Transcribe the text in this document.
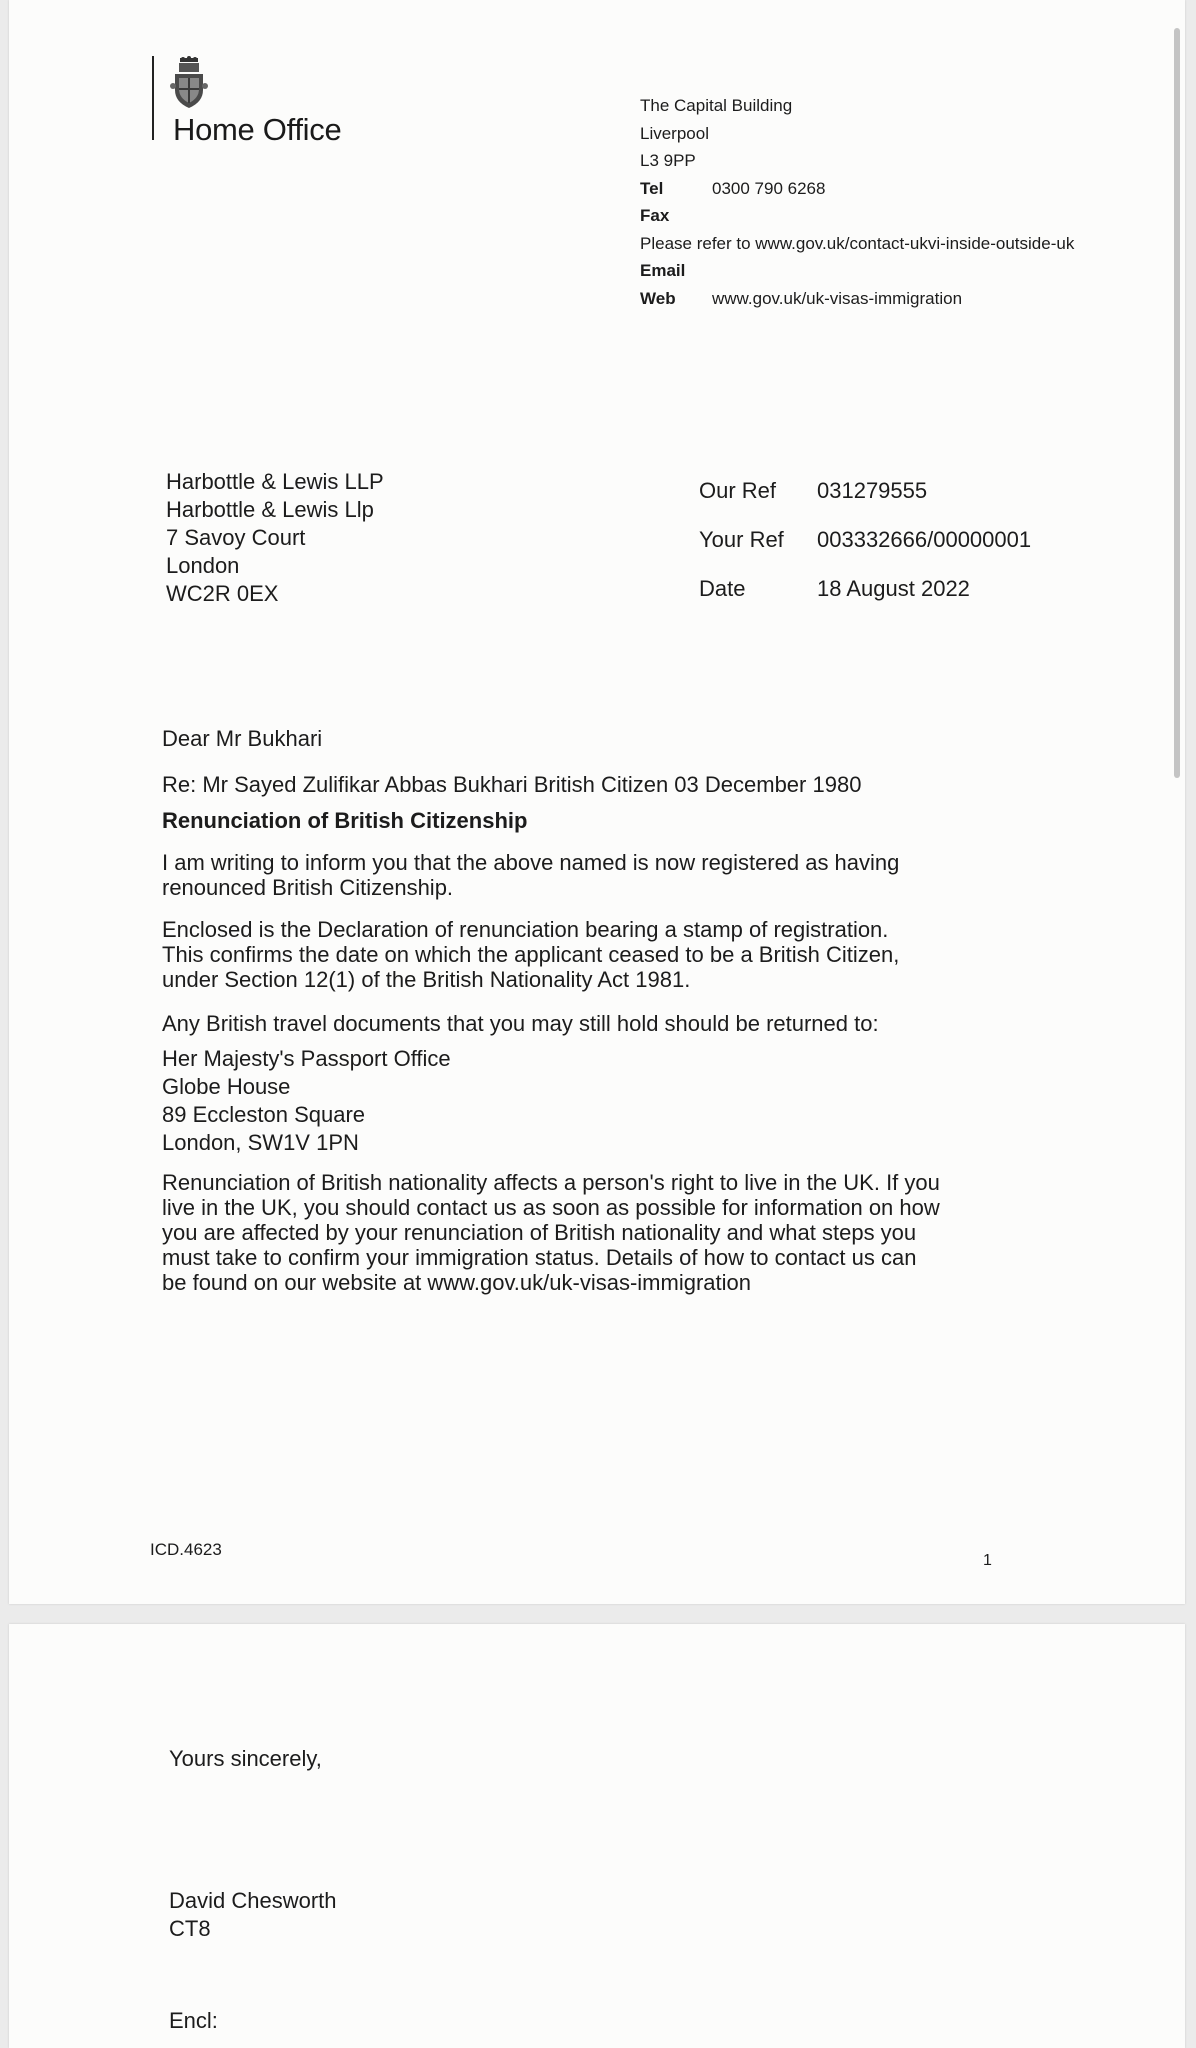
Home Office
The Capital Building
Liverpool
L3 9PP
Tel	0300 790 6268
Fax
Please refer to www.gov.uk/contact-ukvi-inside-outside-uk
Email
Web	www.gov.uk/uk-visas-immigration
Harbottle & Lewis LLP
Harbottle & Lewis Llp
7 Savoy Court
London
WC2R 0EX
Our Ref	031279555
Your Ref	003332666/00000001
Date	18 August 2022
Dear Mr Bukhari
Re: Mr Sayed Zulifikar Abbas Bukhari British Citizen 03 December 1980
Renunciation of British Citizenship

I am writing to inform you that the above named is now registered as having

renounced British Citizenship.

Enclosed is the Declaration of renunciation bearing a stamp of registration.

This confirms the date on which the applicant ceased to be a British Citizen,

under Section 12(1) of the British Nationality Act 1981.

Any British travel documents that you may still hold should be returned to:

Her Majesty's Passport Office

Globe House

89 Eccleston Square

London, SW1V 1PN

Renunciation of British nationality affects a person's right to live in the UK. If you

live in the UK, you should contact us as soon as possible for information on how

you are affected by your renunciation of British nationality and what steps you

must take to confirm your immigration status. Details of how to contact us can

be found on our website at www.gov.uk/uk-visas-immigration

ICD.4623
1
Yours sincerely,
David Chesworth
CT8
Encl:
